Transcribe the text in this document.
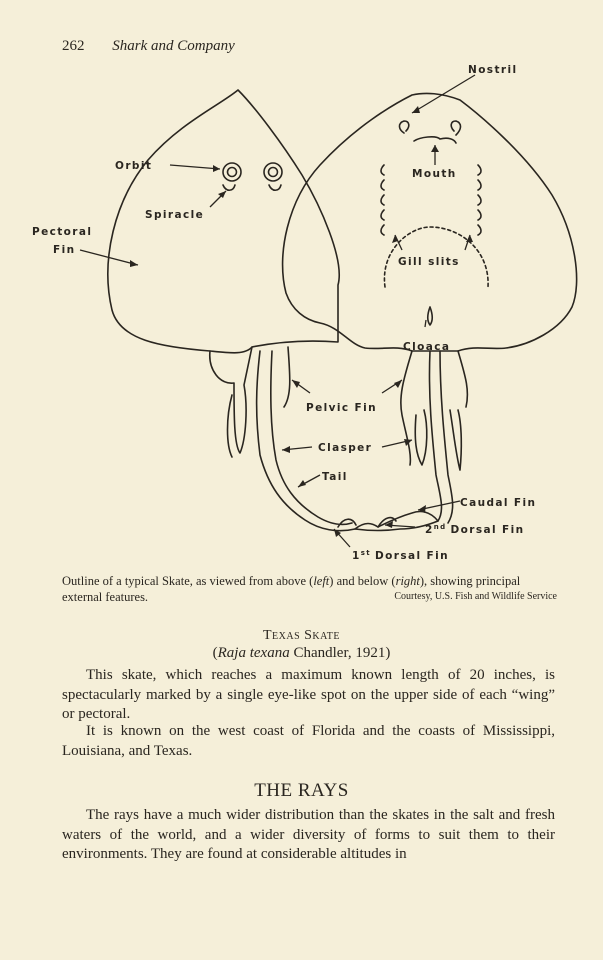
262 Shark and Company
Nostril
Orbit
Mouth
Spiracle
Pectoral
Fin
Gill slits
Cloaca
Pelvic Fin
Clasper
Tail
Caudal Fin
2nd Dorsal Fin
1st Dorsal Fin
Outline of a typical Skate, as viewed from above (left) and below (right), showing principal external features.	Courtesy, U.S. Fish and Wildlife Service
Texas Skate
(Raja texana Chandler, 1921)

This skate, which reaches a maximum known length of 20 inches, is spectacularly marked by a single eye-like spot on the upper side of each “wing” or pectoral.

It is known on the west coast of Florida and the coasts of Mississippi, Louisiana, and Texas.

THE RAYS

The rays have a much wider distribution than the skates in the salt and fresh waters of the world, and a wider diversity of forms to suit them to their environments. They are found at considerable altitudes in
